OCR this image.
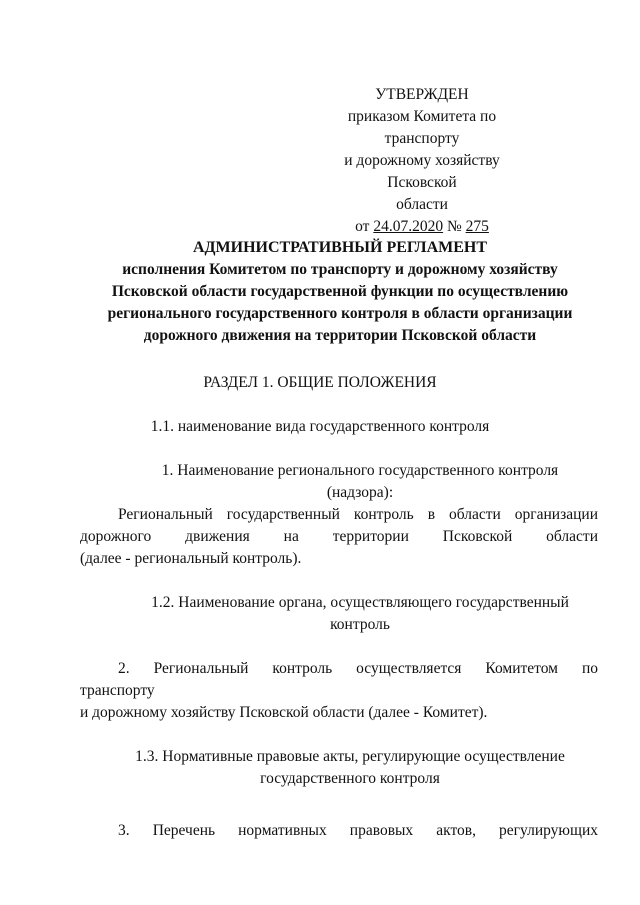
УТВЕРЖДЕН
приказом Комитета по транспорту
и дорожному хозяйству Псковской
области
от 24.07.2020 № 275
АДМИНИСТРАТИВНЫЙ РЕГЛАМЕНТ
исполнения Комитетом по транспорту и дорожному хозяйству
Псковской области государственной функции по осуществлению
регионального государственного контроля в области организации
дорожного движения на территории Псковской области
РАЗДЕЛ 1. ОБЩИЕ ПОЛОЖЕНИЯ
1.1. наименование вида государственного контроля
1. Наименование регионального государственного контроля
(надзора):
Региональный государственный контроль в области организации
дорожного движения на территории Псковской области
(далее - региональный контроль).
1.2. Наименование органа, осуществляющего государственный
контроль
2. Региональный контроль осуществляется Комитетом по
транспорту
и дорожному хозяйству Псковской области (далее - Комитет).
1.3. Нормативные правовые акты, регулирующие осуществление
государственного контроля
3. Перечень нормативных правовых актов, регулирующих
